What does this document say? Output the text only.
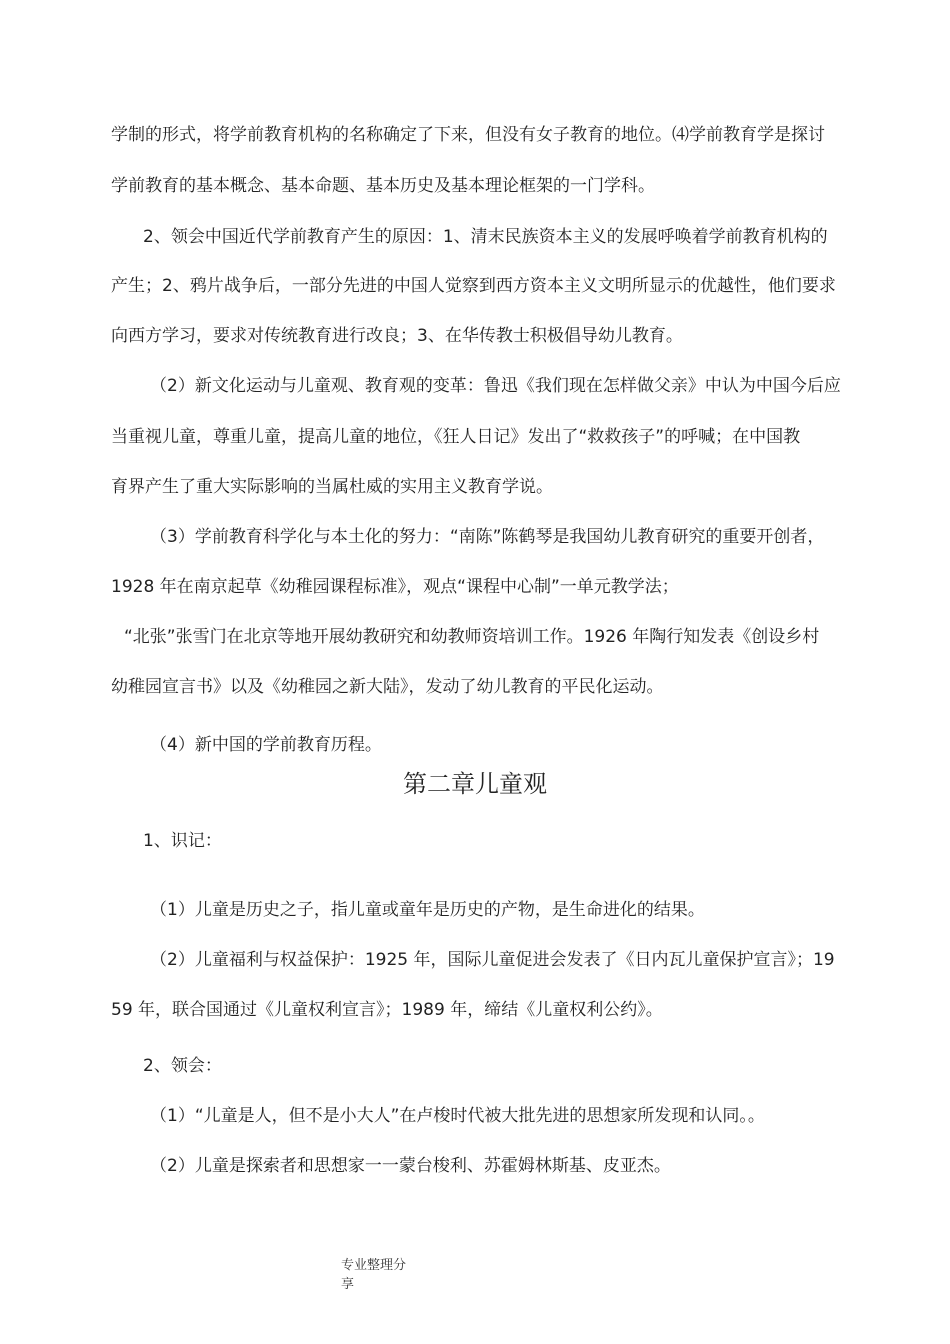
学制的形式，将学前教育机构的名称确定了下来，但没有女子教育的地位。⑷学前教育学是探讨

学前教育的基本概念、基本命题、基本历史及基本理论框架的一门学科。

2、领会中国近代学前教育产生的原因：1、清末民族资本主义的发展呼唤着学前教育机构的

产生；2、鸦片战争后，一部分先进的中国人觉察到西方资本主义文明所显示的优越性，他们要求

向西方学习，要求对传统教育进行改良；3、在华传教士积极倡导幼儿教育。

（2）新文化运动与儿童观、教育观的变革：鲁迅《我们现在怎样做父亲》中认为中国今后应

当重视儿童，尊重儿童，提高儿童的地位，《狂人日记》发出了“救救孩子”的呼喊；在中国教

育界产生了重大实际影响的当属杜威的实用主义教育学说。

（3）学前教育科学化与本土化的努力：“南陈”陈鹤琴是我国幼儿教育研究的重要开创者，

1928 年在南京起草《幼稚园课程标准》，观点“课程中心制”一单元教学法；

“北张”张雪门在北京等地开展幼教研究和幼教师资培训工作。1926 年陶行知发表《创设乡村

幼稚园宣言书》以及《幼稚园之新大陆》，发动了幼儿教育的平民化运动。

（4）新中国的学前教育历程。

第二章儿童观

1、识记：

（1）儿童是历史之子，指儿童或童年是历史的产物，是生命进化的结果。

（2）儿童福利与权益保护：1925 年，国际儿童促进会发表了《日内瓦儿童保护宣言》；19

59 年，联合国通过《儿童权利宣言》；1989 年，缔结《儿童权利公约》。

2、领会：

（1）“儿童是人，但不是小大人”在卢梭时代被大批先进的思想家所发现和认同。。

（2）儿童是探索者和思想家一一蒙台梭利、苏霍姆林斯基、皮亚杰。

专业整理分

享
